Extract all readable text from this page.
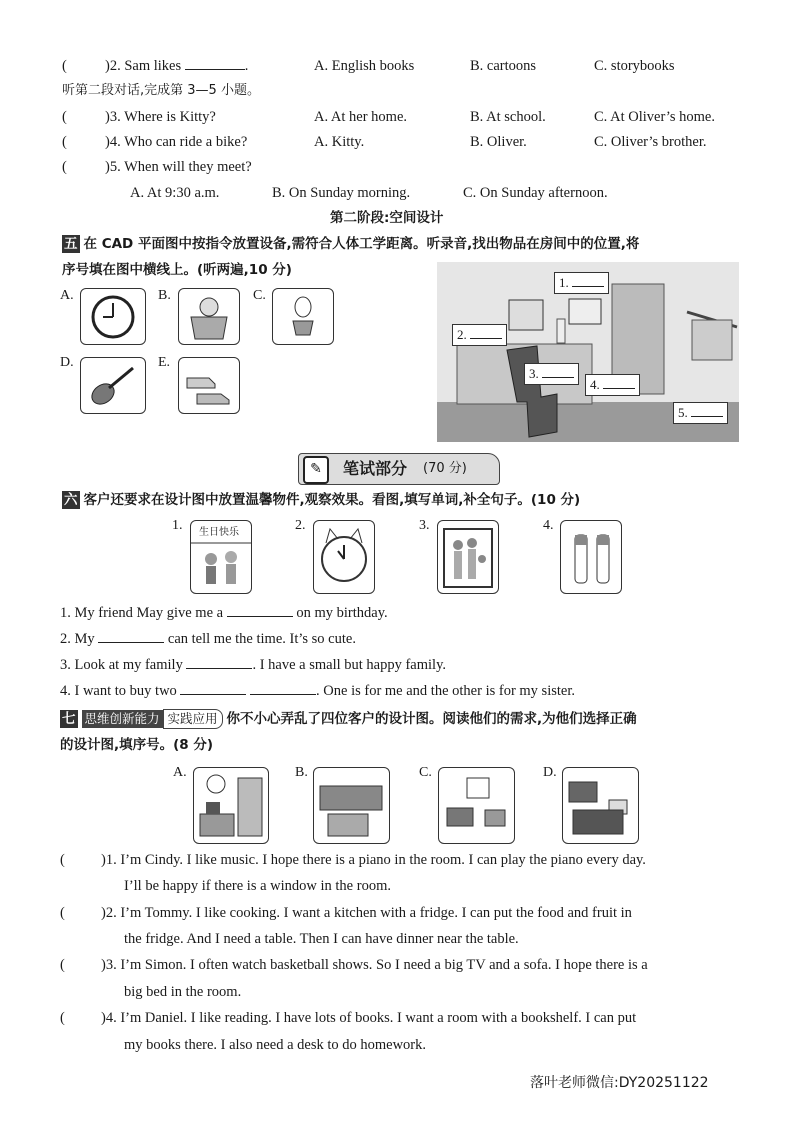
(	)2. Sam likes	.	A. English books	B. cartoons	C. storybooks
听第二段对话,完成第 3—5 小题。
(	)3. Where is Kitty?	A. At her home.	B. At school.	C. At Oliver’s home.
(	)4. Who can ride a bike?	A. Kitty.	B. Oliver.	C. Oliver’s brother.
(	)5. When will they meet?
A. At 9:30 a.m.	B. On Sunday morning.	C. On Sunday afternoon.
第二阶段:空间设计
五 在 CAD 平面图中按指令放置设备,需符合人体工学距离。听录音,找出物品在房间中的位置,将
序号填在图中横线上。(听两遍,10 分)
A.	B.	C.
D.	E.
1.
2.
3.
4.
5.
✎	笔试部分 (70 分)
六 客户还要求在设计图中放置温馨物件,观察效果。看图,填写单词,补全句子。(10 分)
1. 生日快乐	2.	3.	4.
1. My friend May give me a	on my birthday.
2. My	can tell me the time. It’s so cute.
3. Look at my family	. I have a small but happy family.
4. I want to buy two	. One is for me and the other is for my sister.
七 思维创新能力 实践应用 你不小心弄乱了四位客户的设计图。阅读他们的需求,为他们选择正确
的设计图,填序号。(8 分)
A.	B.	C.	D.
( )1. I’m Cindy. I like music. I hope there is a piano in the room. I can play the piano every day.
I’ll be happy if there is a window in the room.
( )2. I’m Tommy. I like cooking. I want a kitchen with a fridge. I can put the food and fruit in
the fridge. And I need a table. Then I can have dinner near the table.
( )3. I’m Simon. I often watch basketball shows. So I need a big TV and a sofa. I hope there is a
big bed in the room.
( )4. I’m Daniel. I like reading. I have lots of books. I want a room with a bookshelf. I can put
my books there. I also need a desk to do homework.
落叶老师微信:DY20251122
